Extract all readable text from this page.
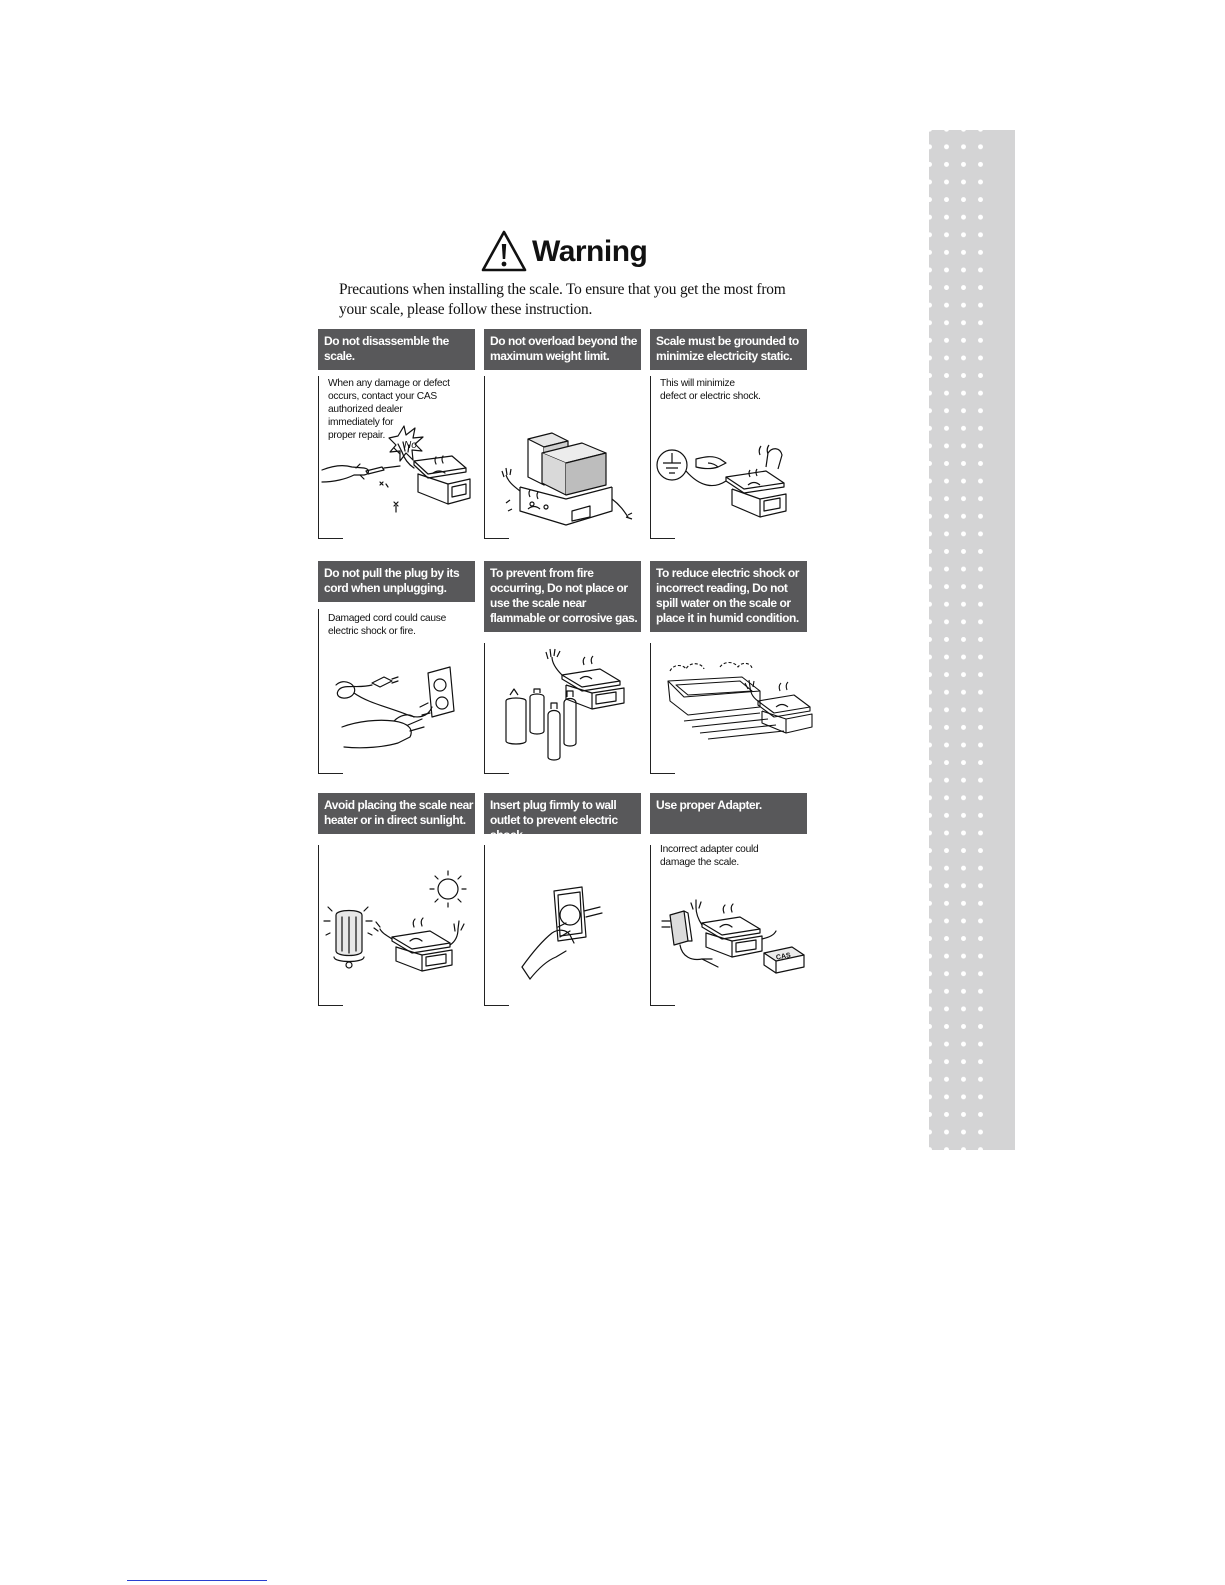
Warning
Precautions when installing the scale. To ensure that you get the most from your scale, please follow these instruction.
Do not disassemble the scale.
When any damage or defect
occurs, contact your CAS
authorized dealer
immediately for
proper repair.
No
Do not overload beyond the maximum weight limit.
Scale must be grounded to minimize electricity static.
This will minimize
defect or electric shock.
Do not pull the plug by its cord when unplugging.
Damaged cord could cause
electric shock or fire.
To prevent from fire occurring, Do not place or use the scale near flammable or corrosive gas.
To reduce electric shock or incorrect reading, Do not spill water on the scale or place it in humid condition.
Avoid placing the scale near heater or in direct sunlight.
Insert plug firmly to wall outlet to prevent electric shock.
Use proper Adapter.
Incorrect adapter could
damage the scale.
CAS
